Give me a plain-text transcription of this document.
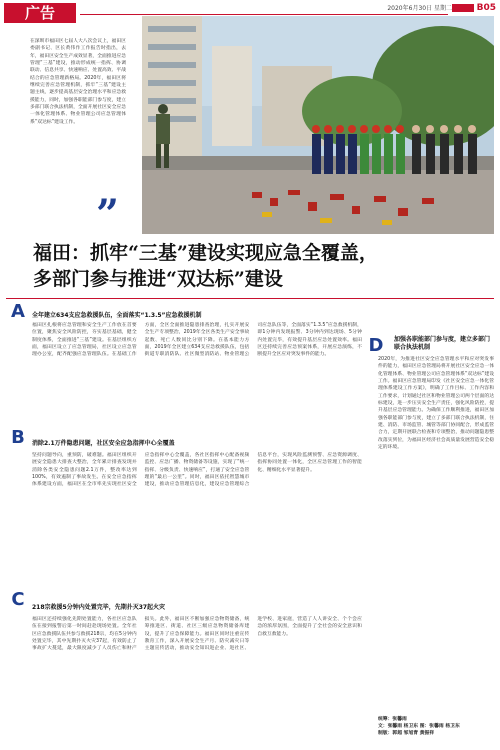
广告	2020年6月30日 星期二	B05
在深圳市福田区七届人大八次会议上，福田区委副书记、区长黄伟作工作报告时指出，去年，福田区安全生产成效显著，全面推进应急管理“三基”建设，推动形成统一指挥、协调联动、信息共享、快速响应、处置高效、平战结合的应急管理新格局。2020年，福田区将继续完善应急管理机制，抓牢“三基”建设主题主线，逐步提高基层安全治理水平和应急救援能力，同时，加强各职能部门参与度，建立多部门联合执法机制，全面开展社区安全应急一体化管理体系、物业管理公司应急管理体系“双达标”建设工作。
”
福田：抓牢“三基”建设实现应急全覆盖，
多部门参与推进“双达标”建设
A	全年建立634支应急救援队伍，全面落实“1.3.5”应急救援机制
福田区扎根将应急管理和安全生产工作放在首要位置，聚焦安全风险防控，夯实基层基础，健全制度体系，全面推进“三基”建设。在基层组织方面，福田区设立了应急管理局，社区设立应急管理办公室，配齐配强应急管理队伍。在基础工作方面，全区全面推进隐患排查治理，扎实开展安全生产专项整治，2019年全区各类生产安全事故起数、死亡人数同比分别下降。在基本能力方面，2019年全区建立634支应急救援队伍，包括街道专职消防队、社区微型消防站、物业管理公司应急队伍等，全面落实“1.3.5”应急救援机制，即1分钟内发现报警、3分钟内到达现场、5分钟内处置完毕，有效提升基层应急处置效率。福田区还持续完善应急预案体系，开展应急演练，不断提升全区应对突发事件的能力。
B	消除2.1万件隐患问题，社区安全应急指挥中心全覆盖
坚持问题导向，重预防，破难题。福田区组织开展安全隐患大排查大整治，全年累计排查发现并消除各类安全隐患问题2.1万件，整改率达到100%，有效遏制了事故发生。在安全应急指挥体系建设方面，福田区在全市率先实现社区安全应急指挥中心全覆盖，各社区指挥中心配备视频监控、应急广播、物资储备等设施，实现了“统一指挥、分级负责、快速响应”，打通了安全应急管理的“最后一公里”。同时，福田区依托智慧城市建设，推动应急管理信息化，建设应急管理综合信息平台，实现风险监测预警、应急资源调度、指挥协同处置一体化，全区应急管理工作的智能化、精细化水平显著提升。
C	218宗救援5分钟内处置完毕，先期扑灭37起火灾
福田区还持续强化先期处置能力，各社区应急队伍在接到报警后第一时间赶赴现场处置。全年社区应急救援队伍共参与救援218宗，均在5分钟内处置完毕，其中先期扑灭火灾37起，有效防止了事故扩大蔓延，最大限度减少了人员伤亡和财产损失。此外，福田区不断加强应急物资储备，统筹推进区、街道、社区三级应急物资储备库建设，提升了应急保障能力。福田区同时注重宣传教育工作，深入开展安全生产月、防灾减灾日等主题宣传活动，推动安全知识进企业、进社区、进学校、进家庭，营造了人人讲安全、个个会应急的浓厚氛围，全面提升了全社会的安全意识和自救互救能力。
D	加强各职能部门参与度，建立多部门联合执法机制
2020年，为推进社区安全应急管理水平和应对突发事件的能力，福田区应急管理局将开展社区安全应急一体化管理体系、物业管理公司应急管理体系“双达标”建设工作。福田区应急管理局印发《社区安全应急一体化管理体系建设工作方案》，明确了工作目标、工作内容和工作要求，计划通过社区和物业管理公司两个层面的达标建设，进一步压实安全生产责任，强化风险防控，提升基层应急管理能力。为确保工作顺利推进，福田区加强各职能部门参与度，建立了多部门联合执法机制，住建、消防、市场监管、城管等部门协同配合，形成监管合力，定期开展联合检查和专项整治，推动问题隐患整改落实到位，为福田区经济社会高质量发展营造安全稳定的环境。
统筹：张馨雨
文：张馨雨 杨卫东 图：张馨雨 杨卫东
制版：郭超 邹旭青 黄振祥
